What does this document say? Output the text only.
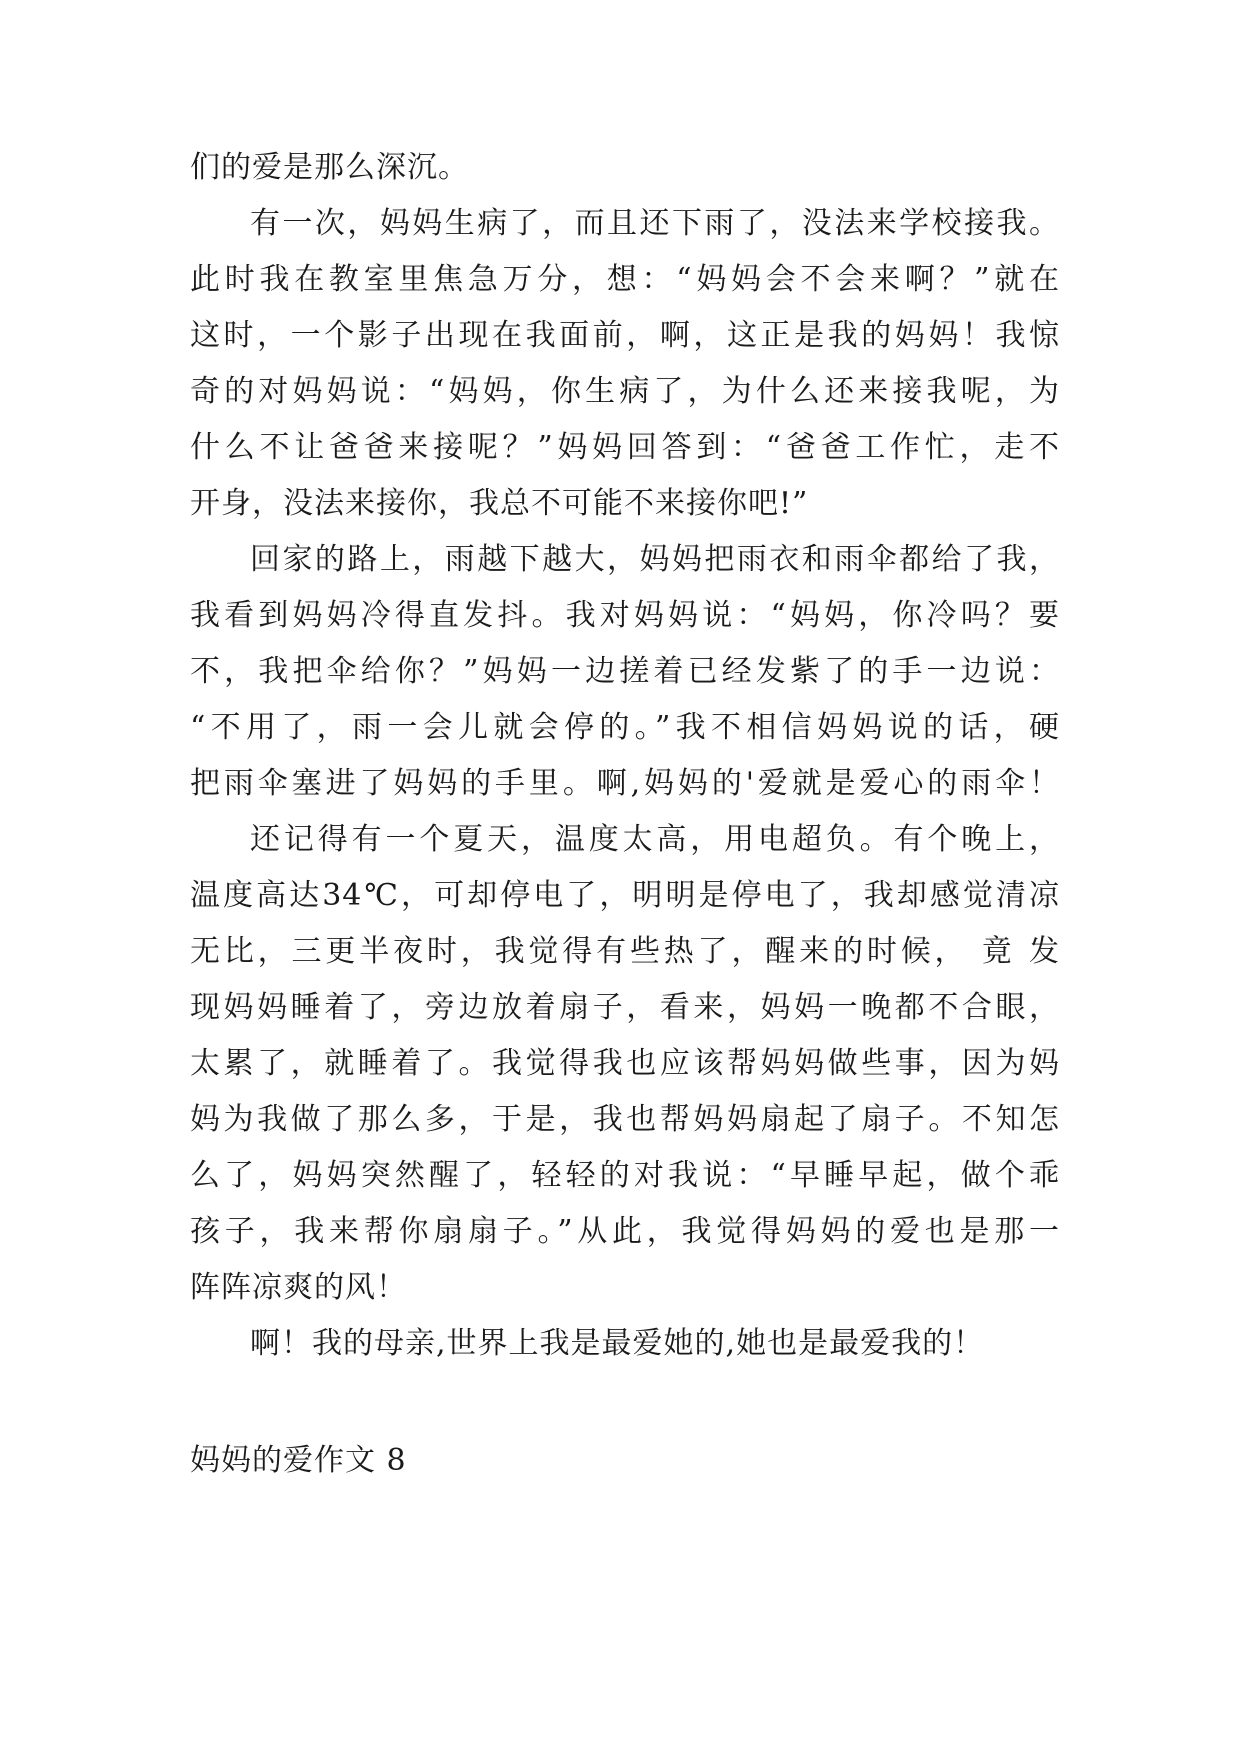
们的爱是那么深沉。
有一次，妈妈生病了，而且还下雨了，没法来学校接我。
此时我在教室里焦急万分，想：“妈妈会不会来啊？”就在
这时，一个影子出现在我面前，啊，这正是我的妈妈！我惊
奇的对妈妈说：“妈妈，你生病了，为什么还来接我呢，为
什么不让爸爸来接呢？”妈妈回答到：“爸爸工作忙，走不
开身，没法来接你，我总不可能不来接你吧!”
回家的路上，雨越下越大，妈妈把雨衣和雨伞都给了我，
我看到妈妈冷得直发抖。我对妈妈说：“妈妈，你冷吗？要
不，我把伞给你？”妈妈一边搓着已经发紫了的手一边说：
“不用了，雨一会儿就会停的。”我不相信妈妈说的话，硬
把雨伞塞进了妈妈的手里。啊,妈妈的'爱就是爱心的雨伞！
还记得有一个夏天，温度太高，用电超负。有个晚上，
温度高达34℃，可却停电了，明明是停电了，我却感觉清凉
无比，三更半夜时，我觉得有些热了，醒来的时候， 竟 发
现妈妈睡着了，旁边放着扇子，看来，妈妈一晚都不合眼，
太累了，就睡着了。我觉得我也应该帮妈妈做些事，因为妈
妈为我做了那么多，于是，我也帮妈妈扇起了扇子。不知怎
么了，妈妈突然醒了，轻轻的对我说：“早睡早起，做个乖
孩子，我来帮你扇扇子。”从此，我觉得妈妈的爱也是那一
阵阵凉爽的风！
啊！我的母亲,世界上我是最爱她的,她也是最爱我的！
妈妈的爱作文 8
